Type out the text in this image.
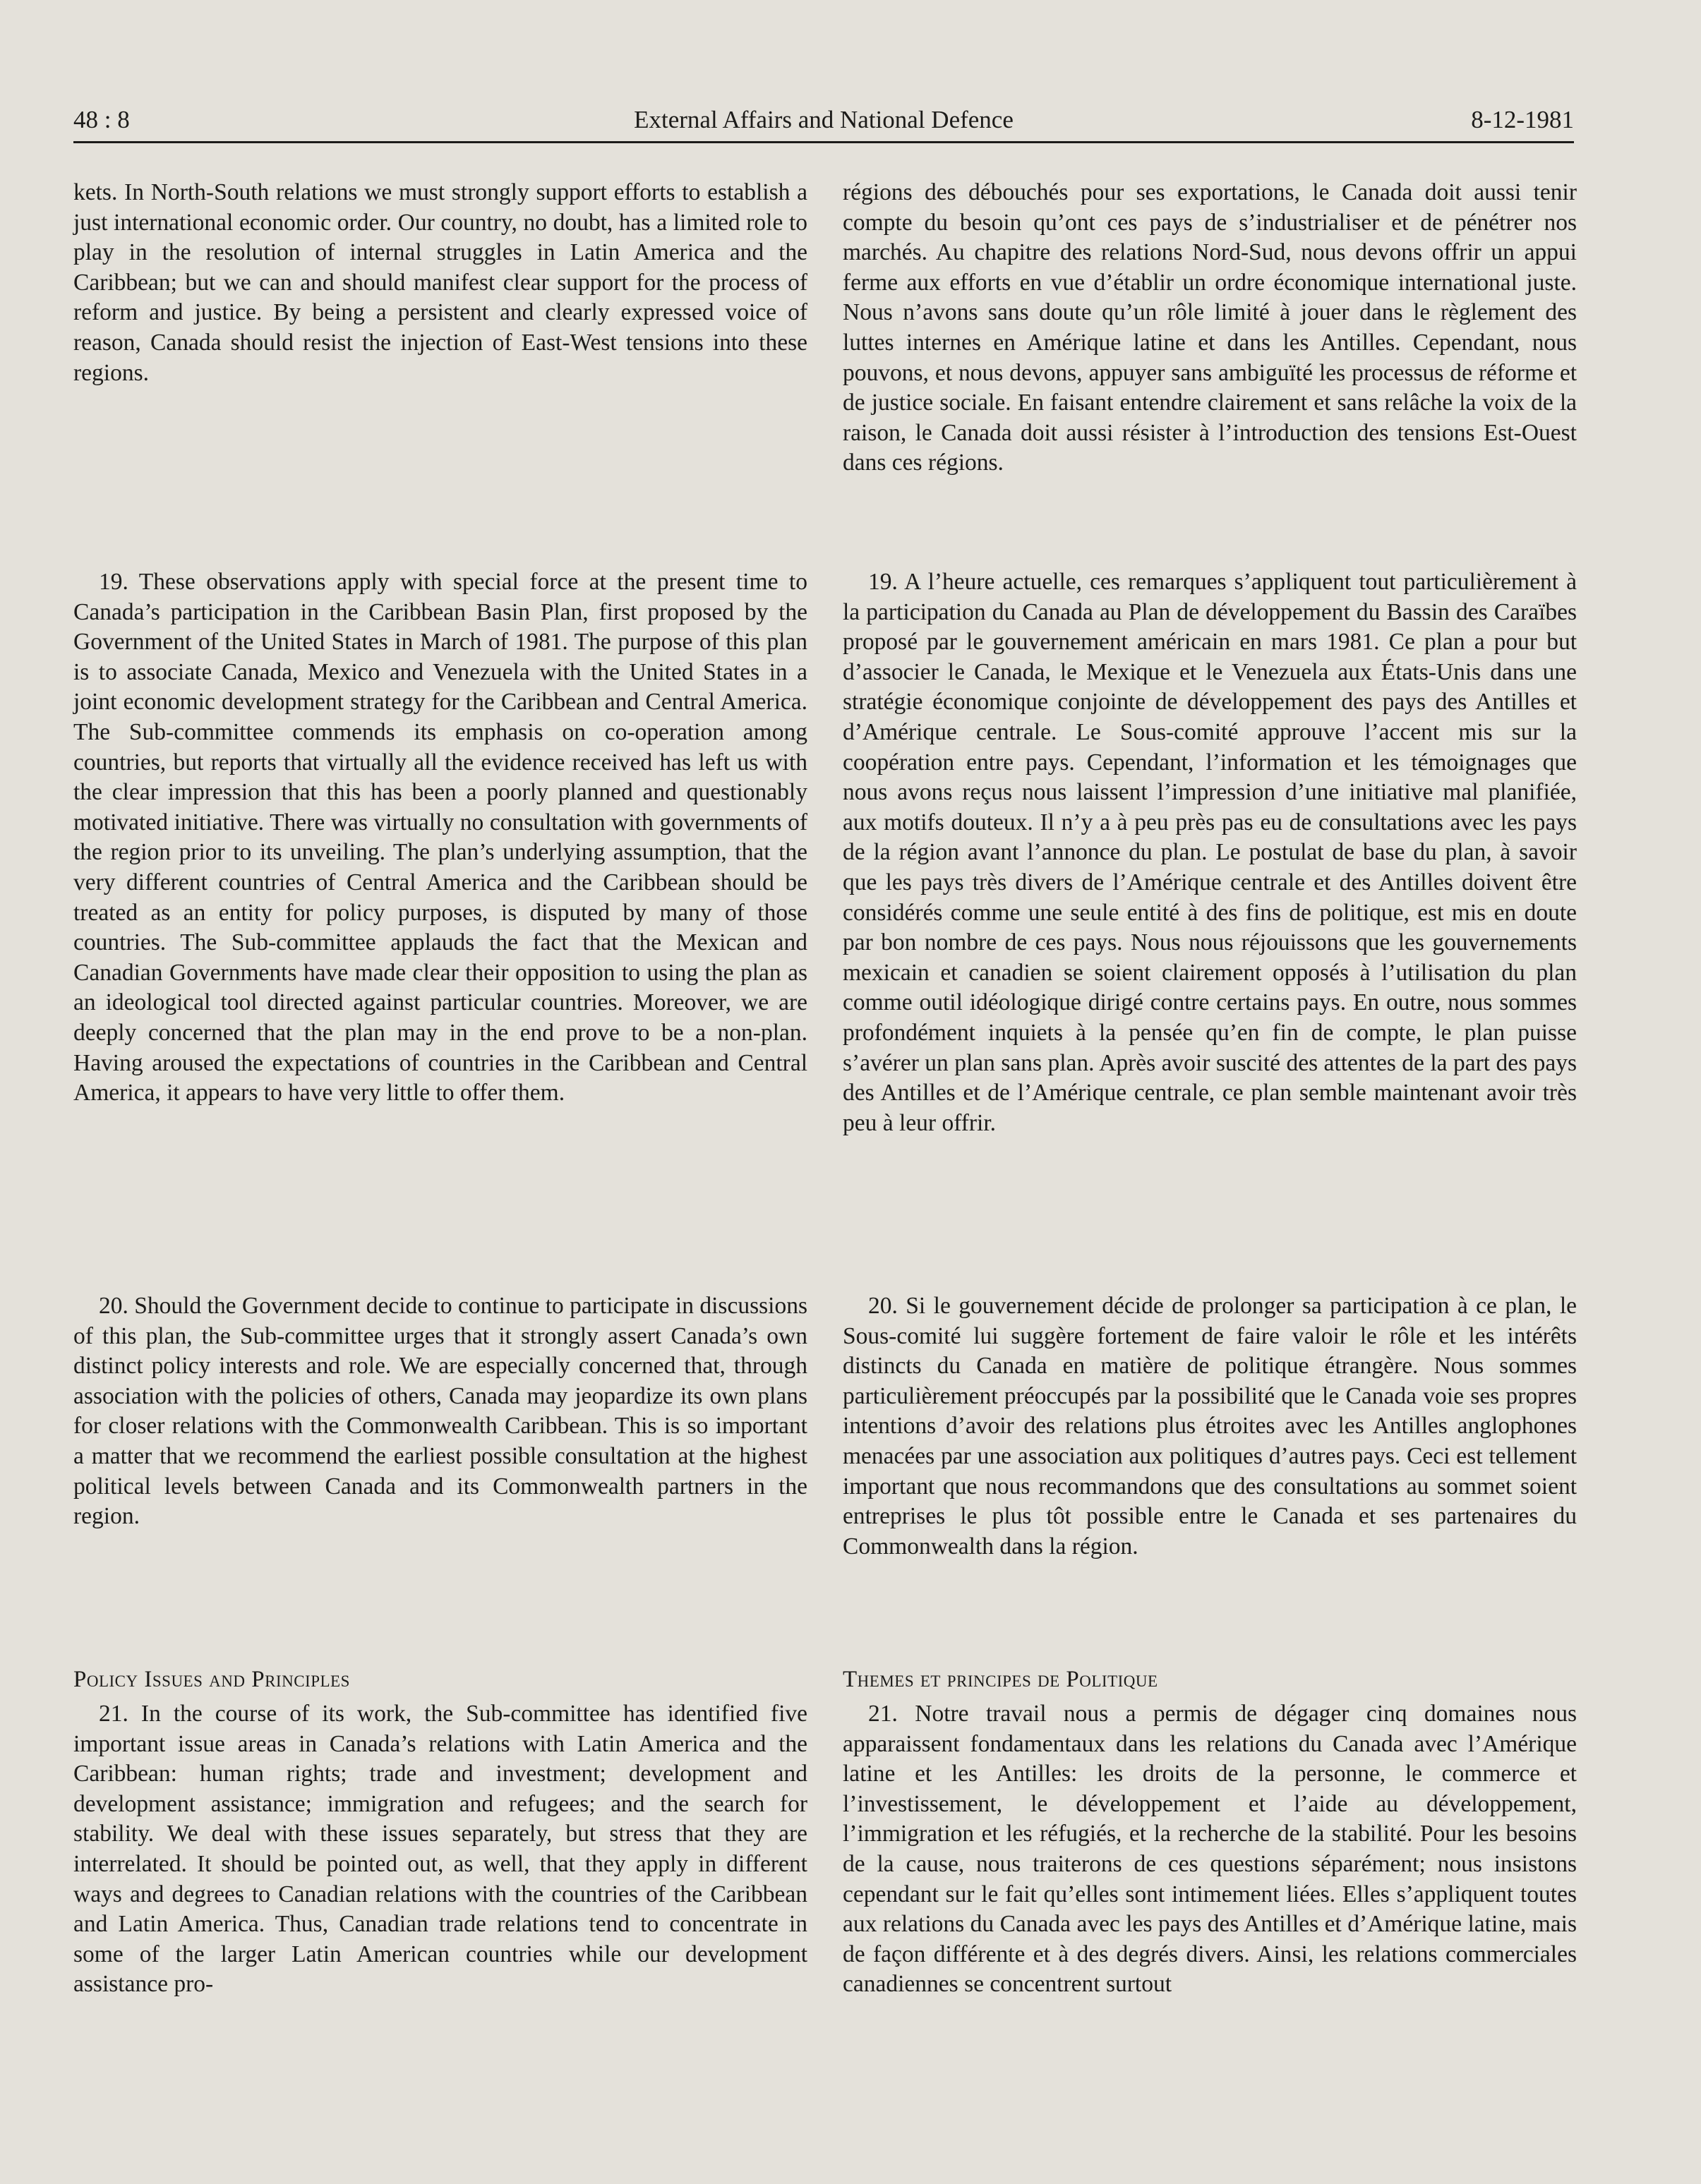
48 : 8	External Affairs and National Defence	8-12-1981

kets. In North-South relations we must strongly support efforts to establish a just international economic order. Our country, no doubt, has a limited role to play in the resolution of internal struggles in Latin America and the Caribbean; but we can and should manifest clear support for the process of reform and justice. By being a persistent and clearly expressed voice of reason, Canada should resist the injection of East-West tensions into these regions.

19. These observations apply with special force at the present time to Canada’s participation in the Caribbean Basin Plan, first proposed by the Government of the United States in March of 1981. The purpose of this plan is to associate Canada, Mexico and Venezuela with the United States in a joint economic development strategy for the Caribbean and Central America. The Sub-committee commends its emphasis on co-operation among countries, but reports that virtually all the evidence received has left us with the clear impression that this has been a poorly planned and questionably motivated initiative. There was virtually no consultation with governments of the region prior to its unveiling. The plan’s underlying assumption, that the very different countries of Central America and the Caribbean should be treated as an entity for policy purposes, is disputed by many of those countries. The Sub-committee applauds the fact that the Mexican and Canadian Governments have made clear their opposition to using the plan as an ideological tool directed against particular countries. Moreover, we are deeply concerned that the plan may in the end prove to be a non-plan. Having aroused the expectations of countries in the Caribbean and Central America, it appears to have very little to offer them.

20. Should the Government decide to continue to participate in discussions of this plan, the Sub-committee urges that it strongly assert Canada’s own distinct policy interests and role. We are especially concerned that, through association with the policies of others, Canada may jeopardize its own plans for closer relations with the Commonwealth Caribbean. This is so important a matter that we recommend the earliest possible consultation at the highest political levels between Canada and its Commonwealth partners in the region.

Policy Issues and Principles

21. In the course of its work, the Sub-committee has identified five important issue areas in Canada’s relations with Latin America and the Caribbean: human rights; trade and investment; development and development assistance; immigration and refugees; and the search for stability. We deal with these issues separately, but stress that they are interrelated. It should be pointed out, as well, that they apply in different ways and degrees to Canadian relations with the countries of the Caribbean and Latin America. Thus, Canadian trade relations tend to concentrate in some of the larger Latin American countries while our development assistance pro-

régions des débouchés pour ses exportations, le Canada doit aussi tenir compte du besoin qu’ont ces pays de s’industrialiser et de pénétrer nos marchés. Au chapitre des relations Nord-Sud, nous devons offrir un appui ferme aux efforts en vue d’établir un ordre économique international juste. Nous n’avons sans doute qu’un rôle limité à jouer dans le règlement des luttes internes en Amérique latine et dans les Antilles. Cependant, nous pouvons, et nous devons, appuyer sans ambiguïté les processus de réforme et de justice sociale. En faisant entendre clairement et sans relâche la voix de la raison, le Canada doit aussi résister à l’introduction des tensions Est-Ouest dans ces régions.

19. A l’heure actuelle, ces remarques s’appliquent tout particulièrement à la participation du Canada au Plan de développement du Bassin des Caraïbes proposé par le gouvernement américain en mars 1981. Ce plan a pour but d’associer le Canada, le Mexique et le Venezuela aux États-Unis dans une stratégie économique conjointe de développement des pays des Antilles et d’Amérique centrale. Le Sous-comité approuve l’accent mis sur la coopération entre pays. Cependant, l’information et les témoignages que nous avons reçus nous laissent l’impression d’une initiative mal planifiée, aux motifs douteux. Il n’y a à peu près pas eu de consultations avec les pays de la région avant l’annonce du plan. Le postulat de base du plan, à savoir que les pays très divers de l’Amérique centrale et des Antilles doivent être considérés comme une seule entité à des fins de politique, est mis en doute par bon nombre de ces pays. Nous nous réjouissons que les gouvernements mexicain et canadien se soient clairement opposés à l’utilisation du plan comme outil idéologique dirigé contre certains pays. En outre, nous sommes profondément inquiets à la pensée qu’en fin de compte, le plan puisse s’avérer un plan sans plan. Après avoir suscité des attentes de la part des pays des Antilles et de l’Amérique centrale, ce plan semble maintenant avoir très peu à leur offrir.

20. Si le gouvernement décide de prolonger sa participation à ce plan, le Sous-comité lui suggère fortement de faire valoir le rôle et les intérêts distincts du Canada en matière de politique étrangère. Nous sommes particulièrement préoccupés par la possibilité que le Canada voie ses propres intentions d’avoir des relations plus étroites avec les Antilles anglophones menacées par une association aux politiques d’autres pays. Ceci est tellement important que nous recommandons que des consultations au sommet soient entreprises le plus tôt possible entre le Canada et ses partenaires du Commonwealth dans la région.

Themes et principes de Politique

21. Notre travail nous a permis de dégager cinq domaines nous apparaissent fondamentaux dans les relations du Canada avec l’Amérique latine et les Antilles: les droits de la personne, le commerce et l’investissement, le développement et l’aide au développement, l’immigration et les réfugiés, et la recherche de la stabilité. Pour les besoins de la cause, nous traiterons de ces questions séparément; nous insistons cependant sur le fait qu’elles sont intimement liées. Elles s’appliquent toutes aux relations du Canada avec les pays des Antilles et d’Amérique latine, mais de façon différente et à des degrés divers. Ainsi, les relations commerciales canadiennes se concentrent surtout
